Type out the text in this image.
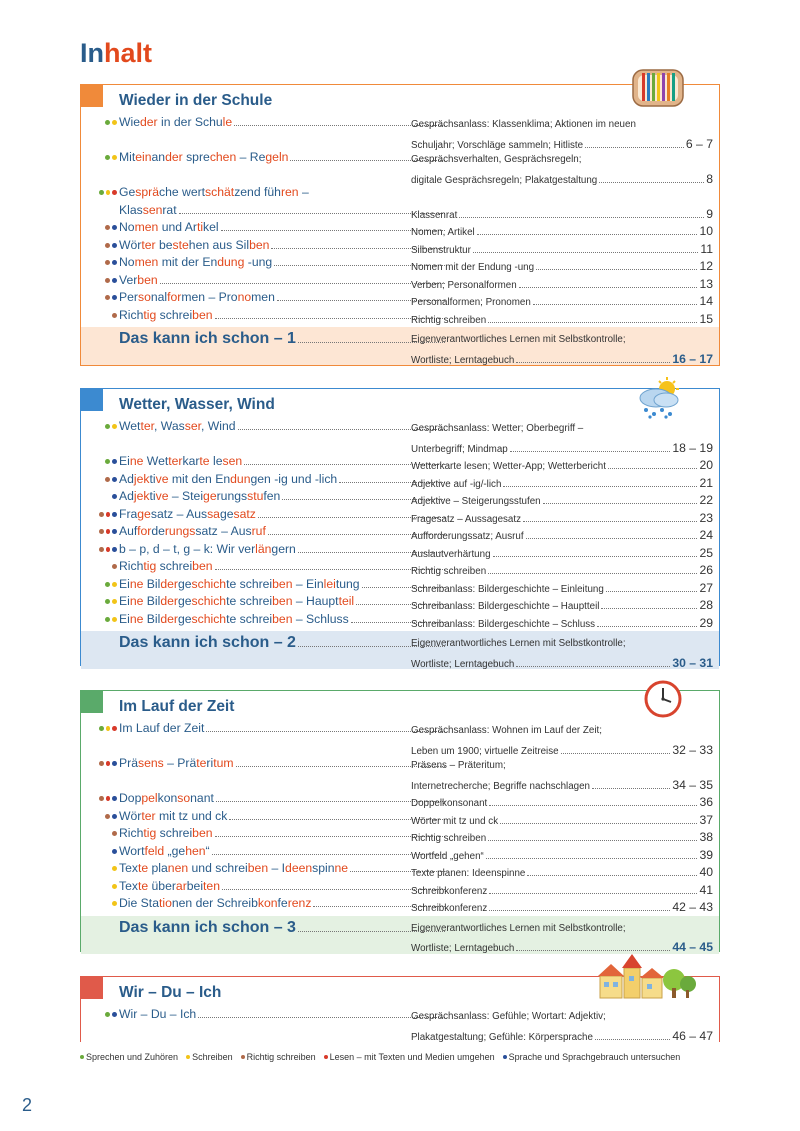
Inhalt
Wieder in der Schule
Wieder in der Schule	Gesprächsanlass: Klassenklima; Aktionen im neuen
Schuljahr; Vorschläge sammeln; Hitliste	6 – 7
Miteinander sprechen – Regeln	Gesprächsverhalten, Gesprächsregeln;
digitale Gesprächsregeln; Plakatgestaltung	8
Gespräche wertschätzend führen –
Klassenrat	Klassenrat	9
Nomen und Artikel	Nomen, Artikel	10
Wörter bestehen aus Silben	Silbenstruktur	11
Nomen mit der Endung -ung	Nomen mit der Endung -ung	12
Verben	Verben; Personalformen	13
Personalformen – Pronomen	Personalformen; Pronomen	14
Richtig schreiben	Richtig schreiben	15
Das kann ich schon – 1	Eigenverantwortliches Lernen mit Selbstkontrolle;
Wortliste; Lerntagebuch	16 – 17
Wetter, Wasser, Wind
Wetter, Wasser, Wind	Gesprächsanlass: Wetter; Oberbegriff –
Unterbegriff; Mindmap	18 – 19
Eine Wetterkarte lesen	Wetterkarte lesen; Wetter-App; Wetterbericht	20
Adjektive mit den Endungen -ig und -lich	Adjektive auf -ig/-lich	21
Adjektive – Steigerungsstufen	Adjektive – Steigerungsstufen	22
Fragesatz – Aussagesatz	Fragesatz – Aussagesatz	23
Aufforderungssatz – Ausruf	Aufforderungssatz; Ausruf	24
b – p, d – t, g – k: Wir verlängern	Auslautverhärtung	25
Richtig schreiben	Richtig schreiben	26
Eine Bildergeschichte schreiben – Einleitung	Schreibanlass: Bildergeschichte – Einleitung	27
Eine Bildergeschichte schreiben – Hauptteil	Schreibanlass: Bildergeschichte – Hauptteil	28
Eine Bildergeschichte schreiben – Schluss	Schreibanlass: Bildergeschichte – Schluss	29
Das kann ich schon – 2	Eigenverantwortliches Lernen mit Selbstkontrolle;
Wortliste; Lerntagebuch	30 – 31
Im Lauf der Zeit
Im Lauf der Zeit	Gesprächsanlass: Wohnen im Lauf der Zeit;
Leben um 1900; virtuelle Zeitreise	32 – 33
Präsens – Präteritum	Präsens – Präteritum;
Internetrecherche; Begriffe nachschlagen	34 – 35
Doppelkonsonant	Doppelkonsonant	36
Wörter mit tz und ck	Wörter mit tz und ck	37
Richtig schreiben	Richtig schreiben	38
Wortfeld „gehen“	Wortfeld „gehen“	39
Texte planen und schreiben – Ideenspinne	Texte planen: Ideenspinne	40
Texte überarbeiten	Schreibkonferenz	41
Die Stationen der Schreibkonferenz	Schreibkonferenz	42 – 43
Das kann ich schon – 3	Eigenverantwortliches Lernen mit Selbstkontrolle;
Wortliste; Lerntagebuch	44 – 45
Wir – Du – Ich
Wir – Du – Ich	Gesprächsanlass: Gefühle; Wortart: Adjektiv;
Plakatgestaltung; Gefühle: Körpersprache	46 – 47
Sprechen und Zuhören Schreiben Richtig schreiben Lesen – mit Texten und Medien umgehen Sprache und Sprachgebrauch untersuchen
2
